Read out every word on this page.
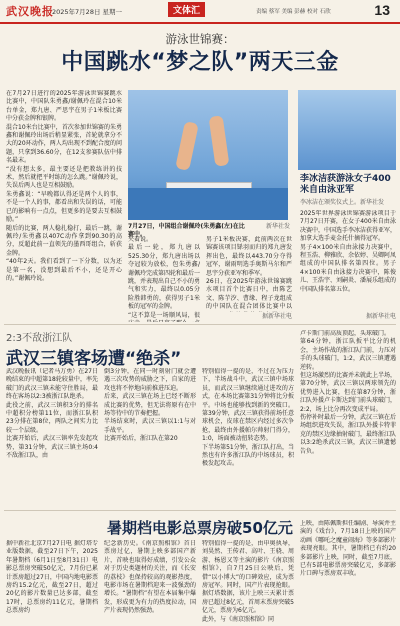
武汉晚报
2025年7月28日 星期一	文体汇	责编 蔡军 美编 彭赫 校对 石欣	13
游泳世锦赛：
中国跳水“梦之队”两天三金
在7月27日进行的2025年游泳世锦赛跳水比赛中，中国队朱勇鑫/谢佩玲在混合10米台单金，郑九唐、严思宇在男子1米板比赛中分获金牌和银牌。
混合10米台比赛中，首次参加世锦赛的朱勇鑫和谢佩玲出场后稍显紧张，首轮就拿分不大的20环动作，两人均出现不到配合度的问题，只拿到36.60分，在12支参赛队伍中排名最末。
“没有想太多，最主要还是把教练讲的技术，然后就把平时练的怎么跳。”谢佩玲说，失误后两人也是互相鼓励。
朱勇鑫说：“早晚都认得还是两个人的事，不是一个人的事，都看出和失误的话，可能已的影响有一点点，但更多的是要去互相鼓励。”
随后的比赛，两人稳扎稳打，最后一跳，谢佩玲/朱勇鑫以407C动作拿到90.30的高分，反超此前一直领先的墨西哥组合，斩获金牌。
“40年2天。我们看到了一下分数，以为还是第一名，没想到最后不小，还是开心的。”谢佩玲说。
7月27日，中国组合谢佩玲(朱勇鑫(左)在比赛中。
新华社发
夹着说。
最后一轮，郑九唐以525.30分，郑九唐出场以夺冠较为放松，包朱勇鑫/谢佩玲完成第四轮和最后一跳，并表现出自己不小的勇气和实力，最终以0.05分险胜韩勇的，获得男子1米板的冠军的金牌。
“这不算是一场顺风局，很
男子1米板决赛，此前两次在世锦赛该项目铩羽而归的郑九唐发挥出色，最终以443.70分夺得冠军，谢雨明选手奥斯马尔和严思宇分获亚军和季军。
26日，在2025年游泳世锦赛跳水项目首个比赛日中，由陈艺文、陈芋汐、曹缘、程子龙组成的中国队在混合团体比赛中以
据新华社电
李冰洁获游泳女子400米自由泳亚军
李冰洁在颁奖仪式上。新华社发
2025年世界游泳世锦赛游泳项目于7月27日开赛，在女子400米自由泳决赛中，中国选手李冰洁获得亚军，加拿大选手麦金托什摘得冠军。
男子4×100米自由泳接力决赛中，程玉浩、柳雅欣、余依婷、吴卿阿凤组成的中国队排名第四位。男子4×100米自由泳接力决赛中，陈俊儿、王浩宇、刘嗣炎、潘展乐组成的中国队排名第五位。
据新华社电
2:3不敌浙江队
武汉三镇客场遭“绝杀”
武汉晚报讯（记者马万勇）在27日晚结束的中超第18轮较量中，率先破门的武汉三镇未能守住胜局，最终在客场以2:3被浙江队绝杀。
此役之前，武汉三镇积3分的排名中超积分榜第11位，而浙江队积23分排在第8位，两队之间实力比较一个层级。
比赛开始后，武汉三镇率先发起攻势，第31分钟，武汉三镇主场0:4不敌浙江队，由
倒3分钟，在同一时刻射门就会遭遇三次攻势的威胁之下，自家的进攻也将不停地向前推进压迫。
后来，武汉三镇在场上已经不断形成比赛的优势，但无法将原有在中场等待中的节奏把握。
半场结束时，武汉三镇以1:1与对手战平。
比赛开始后，浙江队在第20
特别值得一提的是，不过在为压力下，半场战斗中，武汉三镇中场球员，而武汉三镇继续通过进攻的方式，在本场比赛第31分钟将比分扳平。中场也能够找到新的突破口。第39分钟，武汉三镇获得前场任意球机会，皮球在禁区内经过多次争抢，最终由外援帕尔帅射门得分，1:0，场面被动扭转态势。
下半场第51分钟，浙江队打出，当然也有许多浙江队的中场球员，积极发起攻击。
卢卡斯门前高质顶起，头球破门。
第64分钟，浙江队扳平比分的机会，主场作战的浙江队门前，力压对手的头球破门，1:2，武汉三镇遭遇逆转。
但这场激烈的比赛并未就此上半场，第70分钟，武汉三镇以两球领先的优势进入比赛，但在第87分钟，浙江队外援卢卡斯达到门前头球破门，2:2，场上比分再次变成平局。
伤停补时最后一分钟，武汉三镇在后场组织进攻失误，浙江队外援卡特菲克的禁区边缘抽射破门，最终浙江队以3:2绝杀武汉三镇，武汉三镇遗憾告负。
暑期档电影总票房破50亿元
据中新社北京7月27日电 据灯塔专业版数据，截至27日下午，2025年暑期档（6月1日至8月31日）电影总票房突破50亿元，7月份已累计票房超过27日，中国内地电影票房约15.2亿元，截至27日，超过20亿的影片数量已达多部，截至17时，总票房约11亿元，暑期档总票房约
纪念新历史。《南京照相馆》首日票房过亿，暑期上映多部国产新片，首映也取得好成绩，引发公众对于历史类题材的关注，而《长安的荔枝》也保持较高的观影热度，电影市场在暑期档迎来一波强劲的增长。“暑期档”有望在本届集中爆发，形成更为有力的热度拉动，国产片表现仍然强劲。
特别值得一提的是，由申奥执导，刘昊然、王传君、高叶、王骁、周游、杨恩又等主演的影片《南京照相馆》，自7月25日公映后，凭借“以小博大”的口碑效应，成为票房冠军。同时，国产片表现抢眼。据灯塔数据，该片上映三天累计票房已超过8亿元，首周末票房突破5亿元，票房为6亿元。
此外，与《南京照相馆》同
上映，由陈佩斯担任编剧、导演并主演的《戏台》，7月18日上映的国产动画《哪吒之魔童闹海》等多部影片表现亮眼。其中，暑期档已有约20多部影片上映，同时，截至7月底，已有5部电影票房突破亿元，多部影片口碑与票房双丰收。
